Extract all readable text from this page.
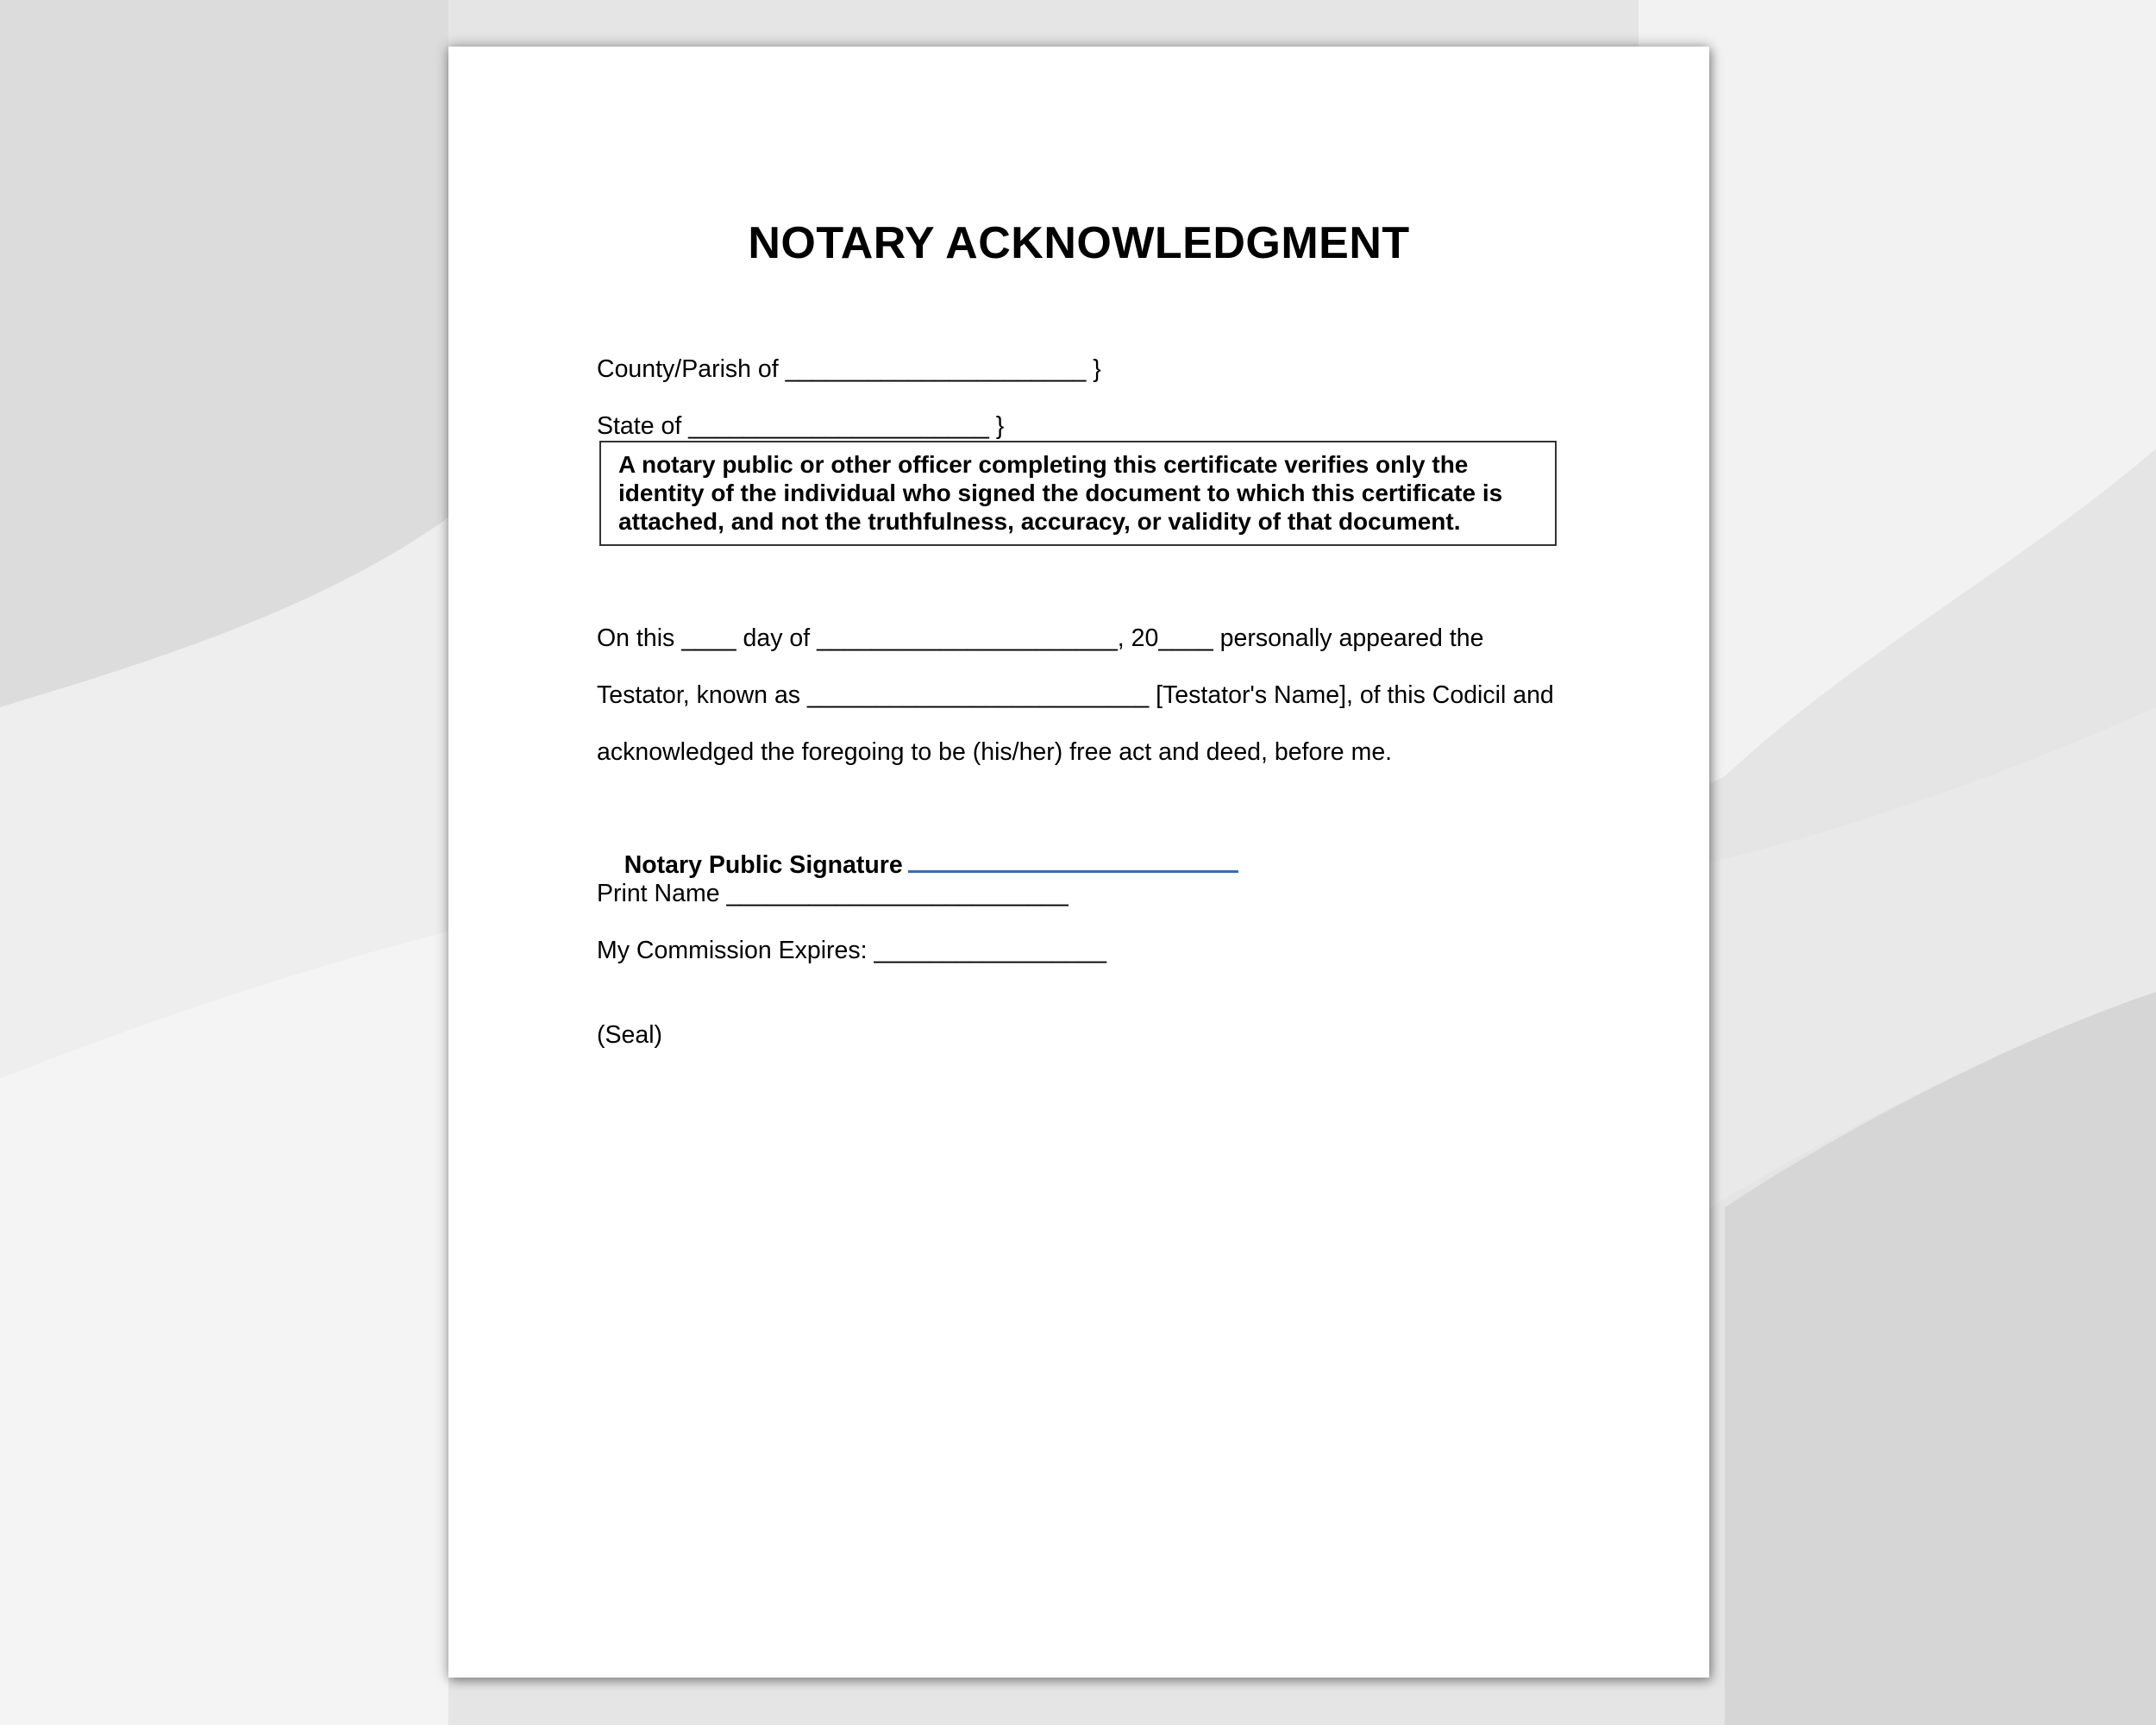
NOTARY ACKNOWLEDGMENT
County/Parish of ______________________ }
State of ______________________ }
A notary public or other officer completing this certificate verifies only the identity of the individual who signed the document to which this certificate is attached, and not the truthfulness, accuracy, or validity of that document.
On this ____ day of ______________________, 20____ personally appeared the
Testator, known as _________________________ [Testator's Name], of this Codicil and
acknowledged the foregoing to be (his/her) free act and deed, before me.

Notary Public Signature

Print Name _________________________
My Commission Expires: _________________
(Seal)
